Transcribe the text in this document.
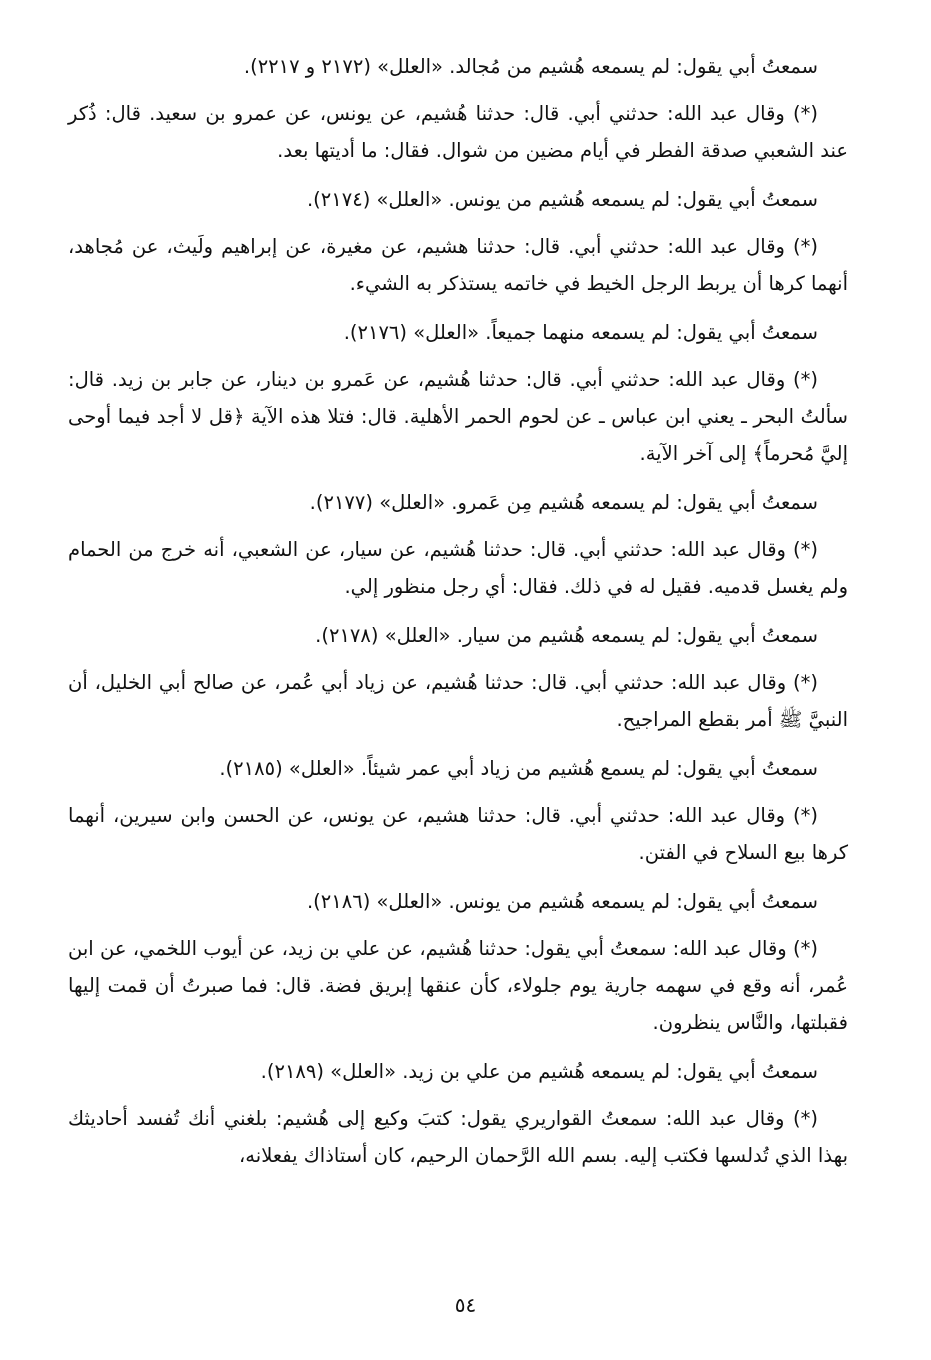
سمعتُ أبي يقول: لم يسمعه هُشيم من مُجالد. «العلل» (٢١٧٢ و ٢٢١٧).

(*) وقال عبد الله: حدثني أبي. قال: حدثنا هُشيم، عن يونس، عن عمرو بن سعيد. قال: ذُكر عند الشعبي صدقة الفطر في أيام مضين من شوال. فقال: ما أديتها بعد.

سمعتُ أبي يقول: لم يسمعه هُشيم من يونس. «العلل» (٢١٧٤).

(*) وقال عبد الله: حدثني أبي. قال: حدثنا هشيم، عن مغيرة، عن إبراهيم ولَيث، عن مُجاهد، أنهما كرها أن يربط الرجل الخيط في خاتمه يستذكر به الشيء.

سمعتُ أبي يقول: لم يسمعه منهما جميعاً. «العلل» (٢١٧٦).

(*) وقال عبد الله: حدثني أبي. قال: حدثنا هُشيم، عن عَمرو بن دينار، عن جابر بن زيد. قال: سألتُ البحر ـ يعني ابن عباس ـ عن لحوم الحمر الأهلية. قال: فتلا هذه الآية ﴿قل لا أجد فيما أوحى إليَّ مُحرماً﴾ إلى آخر الآية.

سمعتُ أبي يقول: لم يسمعه هُشيم مِن عَمرو. «العلل» (٢١٧٧).

(*) وقال عبد الله: حدثني أبي. قال: حدثنا هُشيم، عن سيار، عن الشعبي، أنه خرج من الحمام ولم يغسل قدميه. فقيل له في ذلك. فقال: أي رجل منظور إلي.

سمعتُ أبي يقول: لم يسمعه هُشيم من سيار. «العلل» (٢١٧٨).

(*) وقال عبد الله: حدثني أبي. قال: حدثنا هُشيم، عن زياد أبي عُمر، عن صالح أبي الخليل، أن النبيَّ ﷺ أمر بقطع المراجيح.

سمعتُ أبي يقول: لم يسمع هُشيم من زياد أبي عمر شيئاً. «العلل» (٢١٨٥).

(*) وقال عبد الله: حدثني أبي. قال: حدثنا هشيم، عن يونس، عن الحسن وابن سيرين، أنهما كرها بيع السلاح في الفتن.

سمعتُ أبي يقول: لم يسمعه هُشيم من يونس. «العلل» (٢١٨٦).

(*) وقال عبد الله: سمعتُ أبي يقول: حدثنا هُشيم، عن علي بن زيد، عن أيوب اللخمي، عن ابن عُمر، أنه وقع في سهمه جارية يوم جلولاء، كأن عنقها إبريق فضة. قال: فما صبرتُ أن قمت إليها فقبلتها، والنَّاس ينظرون.

سمعتُ أبي يقول: لم يسمعه هُشيم من علي بن زيد. «العلل» (٢١٨٩).

(*) وقال عبد الله: سمعتُ القواريري يقول: كتبَ وكيع إلى هُشيم: بلغني أنك تُفسد أحاديثك بهذا الذي تُدلسها فكتب إليه. بسم الله الرَّحمان الرحيم، كان أستاذاك يفعلانه،

٥٤
